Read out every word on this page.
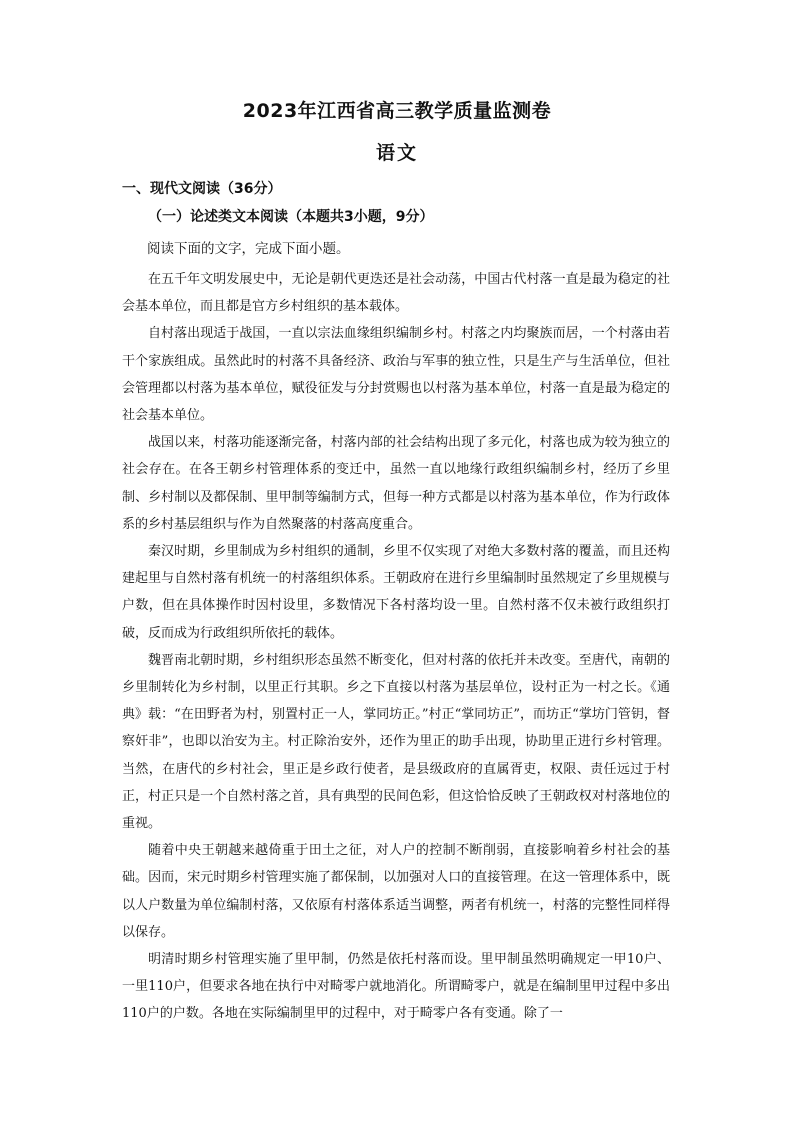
2023年江西省高三教学质量监测卷
语文
一、现代文阅读（36分）
（一）论述类文本阅读（本题共3小题，9分）
阅读下面的文字，完成下面小题。

在五千年文明发展史中，无论是朝代更迭还是社会动荡，中国古代村落一直是最为稳定的社会基本单位，而且都是官方乡村组织的基本载体。

自村落出现适于战国，一直以宗法血缘组织编制乡村。村落之内均聚族而居，一个村落由若干个家族组成。虽然此时的村落不具备经济、政治与军事的独立性，只是生产与生活单位，但社会管理都以村落为基本单位，赋役征发与分封赏赐也以村落为基本单位，村落一直是最为稳定的社会基本单位。

战国以来，村落功能逐渐完备，村落内部的社会结构出现了多元化，村落也成为较为独立的社会存在。在各王朝乡村管理体系的变迁中，虽然一直以地缘行政组织编制乡村，经历了乡里制、乡村制以及都保制、里甲制等编制方式，但每一种方式都是以村落为基本单位，作为行政体系的乡村基层组织与作为自然聚落的村落高度重合。

秦汉时期，乡里制成为乡村组织的通制，乡里不仅实现了对绝大多数村落的覆盖，而且还构建起里与自然村落有机统一的村落组织体系。王朝政府在进行乡里编制时虽然规定了乡里规模与户数，但在具体操作时因村设里，多数情况下各村落均设一里。自然村落不仅未被行政组织打破，反而成为行政组织所依托的载体。

魏晋南北朝时期，乡村组织形态虽然不断变化，但对村落的依托并未改变。至唐代，南朝的乡里制转化为乡村制，以里正行其职。乡之下直接以村落为基层单位，设村正为一村之长。《通典》载：“在田野者为村，别置村正一人，掌同坊正。”村正“掌同坊正”，而坊正“掌坊门管钥，督察奸非”，也即以治安为主。村正除治安外，还作为里正的助手出现，协助里正进行乡村管理。当然，在唐代的乡村社会，里正是乡政行使者，是县级政府的直属胥吏，权限、责任远过于村正，村正只是一个自然村落之首，具有典型的民间色彩，但这恰恰反映了王朝政权对村落地位的重视。

随着中央王朝越来越倚重于田土之征，对人户的控制不断削弱，直接影响着乡村社会的基础。因而，宋元时期乡村管理实施了都保制，以加强对人口的直接管理。在这一管理体系中，既以人户数量为单位编制村落，又依原有村落体系适当调整，两者有机统一，村落的完整性同样得以保存。

明清时期乡村管理实施了里甲制，仍然是依托村落而设。里甲制虽然明确规定一甲10户、一里110户，但要求各地在执行中对畸零户就地消化。所谓畸零户，就是在编制里甲过程中多出110户的户数。各地在实际编制里甲的过程中，对于畸零户各有变通。除了一
